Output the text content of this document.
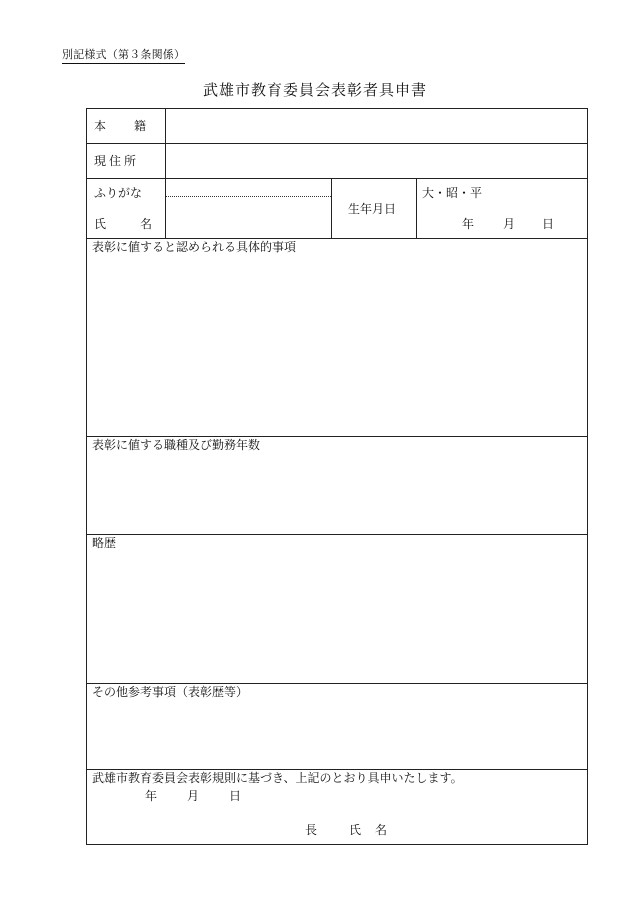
別記様式（第３条関係）
武雄市教育委員会表彰者具申書
本 籍
現住所
ふりがな
氏	名
生年月日
大・昭・平
年 月 日
表彰に値すると認められる具体的事項
表彰に値する職種及び勤務年数
略歴
その他参考事項（表彰歴等）
武雄市教育委員会表彰規則に基づき、上記のとおり具申いたします。
年 月 日
長	氏 名
